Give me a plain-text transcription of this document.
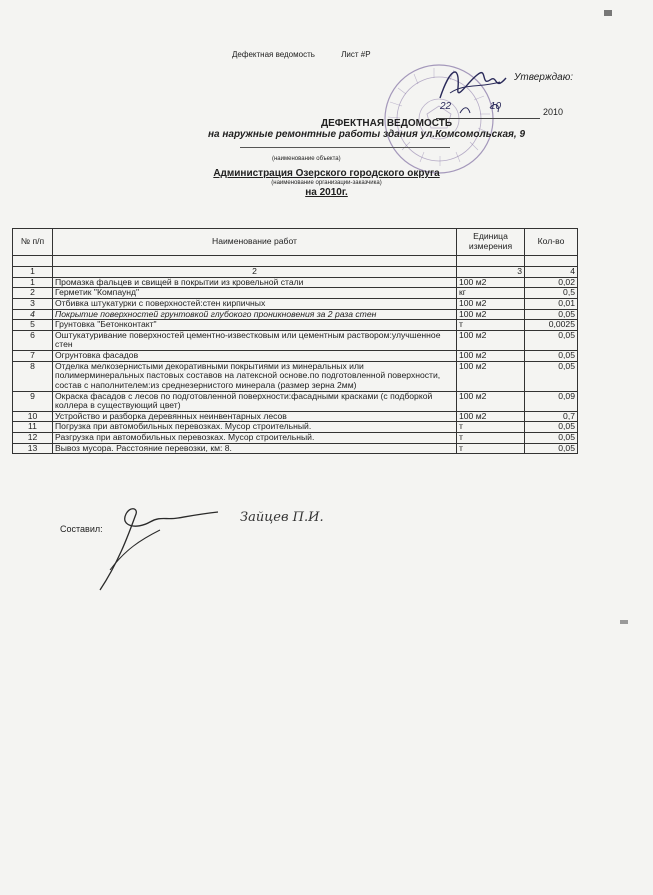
Дефектная ведомость	Лист #Р
Утверждаю:
22	10	2010
ДЕФЕКТНАЯ ВЕДОМОСТЬ
на наружные ремонтные работы здания ул.Комсомольская, 9
(наименование объекта)
Администрация Озерского городского округа
(наименование организации-заказчика)
на 2010г.
№ п/п	Наименование работ	Единица измерения	Кол-во

1	2	3	4
1	Промазка фальцев и свищей в покрытии из кровельной стали	100 м2	0,02
2	Герметик "Компаунд"	кг	0,5
3	Отбивка штукатурки с поверхностей:стен кирпичных	100 м2	0,01
4	Покрытие поверхностей грунтовкой глубокого проникновения за 2 раза стен	100 м2	0,05
5	Грунтовка "Бетонконтакт"	т	0,0025
6	Оштукатуривание поверхностей цементно-известковым или цементным раствором:улучшенное стен	100 м2	0,05
7	Огрунтовка фасадов	100 м2	0,05
8	Отделка мелкозернистыми декоративными покрытиями из минеральных или полимерминеральных пастовых составов на латексной основе.по подготовленной поверхности, состав с наполнителем:из среднезернистого минерала (размер зерна 2мм)	100 м2	0,05
9	Окраска фасадов с лесов по подготовленной поверхности:фасадными красками (с подборкой коллера в существующий цвет)	100 м2	0,09
10	Устройство и разборка деревянных неинвентарных лесов	100 м2	0,7
11	Погрузка при автомобильных перевозках. Мусор строительный.	т	0,05
12	Разгрузка при автомобильных перевозках. Мусор строительный.	т	0,05
13	Вывоз мусора. Расстояние перевозки, км: 8.	т	0,05
Составил:
Зайцев П.И.
